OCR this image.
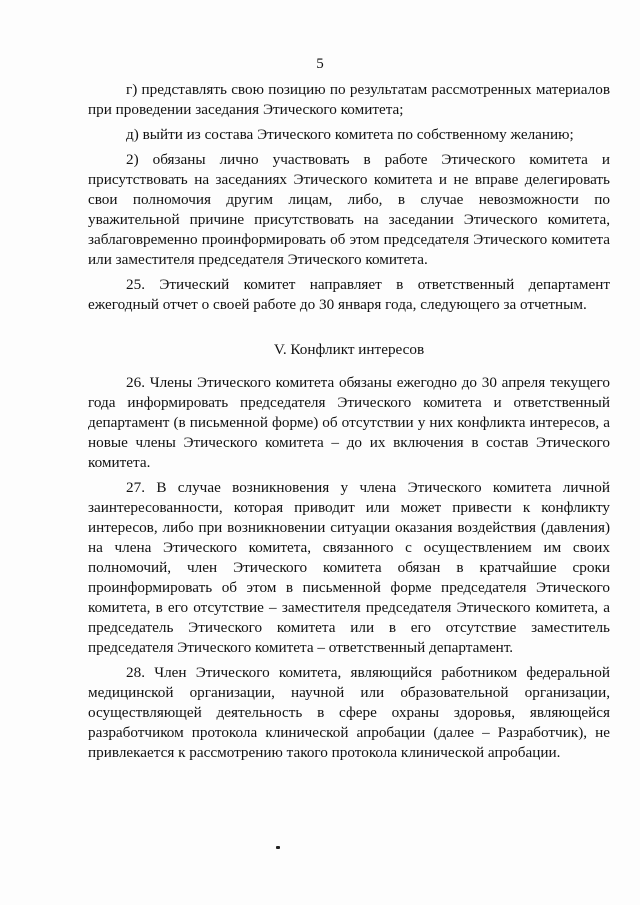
5

г) представлять свою позицию по результатам рассмотренных материалов при проведении заседания Этического комитета;

д) выйти из состава Этического комитета по собственному желанию;

2) обязаны лично участвовать в работе Этического комитета и присутствовать на заседаниях Этического комитета и не вправе делегировать свои полномочия другим лицам, либо, в случае невозможности по уважительной причине присутствовать на заседании Этического комитета, заблаговременно проинформировать об этом председателя Этического комитета или заместителя председателя Этического комитета.

25. Этический комитет направляет в ответственный департамент ежегодный отчет о своей работе до 30 января года, следующего за отчетным.

V. Конфликт интересов

26. Члены Этического комитета обязаны ежегодно до 30 апреля текущего года информировать председателя Этического комитета и ответственный департамент (в письменной форме) об отсутствии у них конфликта интересов, а новые члены Этического комитета – до их включения в состав Этического комитета.

27. В случае возникновения у члена Этического комитета личной заинтересованности, которая приводит или может привести к конфликту интересов, либо при возникновении ситуации оказания воздействия (давления) на члена Этического комитета, связанного с осуществлением им своих полномочий, член Этического комитета обязан в кратчайшие сроки проинформировать об этом в письменной форме председателя Этического комитета, в его отсутствие – заместителя председателя Этического комитета, а председатель Этического комитета или в его отсутствие заместитель председателя Этического комитета – ответственный департамент.

28. Член Этического комитета, являющийся работником федеральной медицинской организации, научной или образовательной организации, осуществляющей деятельность в сфере охраны здоровья, являющейся разработчиком протокола клинической апробации (далее – Разработчик), не привлекается к рассмотрению такого протокола клинической апробации.
